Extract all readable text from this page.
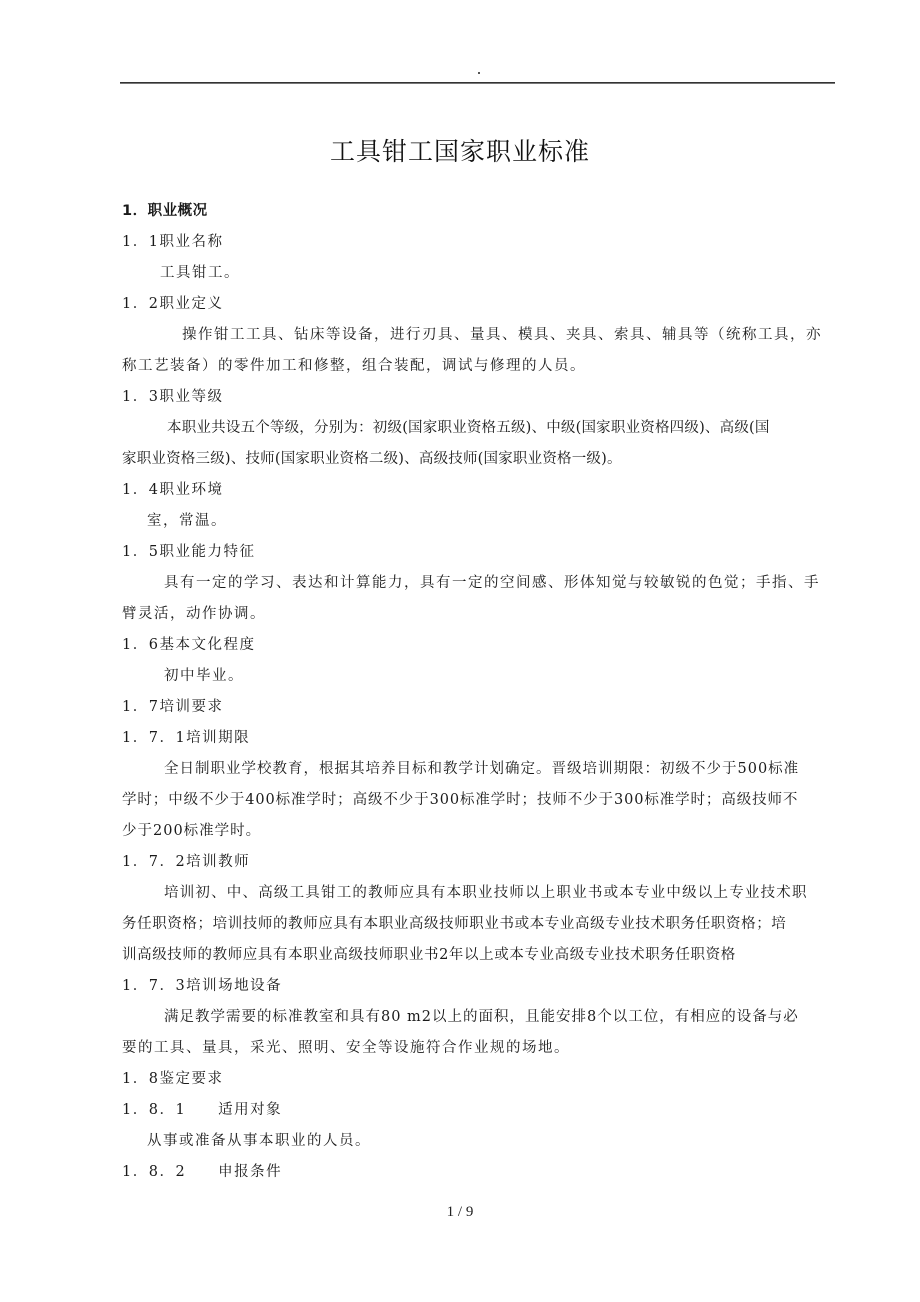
工具钳工国家职业标准
1．职业概况
1．1职业名称
工具钳工。
1．2职业定义
操作钳工工具、钻床等设备，进行刃具、量具、模具、夹具、索具、辅具等（统称工具，亦
称工艺装备）的零件加工和修整，组合装配，调试与修理的人员。
1．3职业等级
本职业共设五个等级，分别为：初级(国家职业资格五级)、中级(国家职业资格四级)、高级(国
家职业资格三级)、技师(国家职业资格二级)、高级技师(国家职业资格一级)。
1．4职业环境
室，常温。
1．5职业能力特征
具有一定的学习、表达和计算能力，具有一定的空间感、形体知觉与较敏锐的色觉；手指、手
臂灵活，动作协调。
1．6基本文化程度
初中毕业。
1．7培训要求
1．7．1培训期限
全日制职业学校教育，根据其培养目标和教学计划确定。晋级培训期限：初级不少于500标准
学时；中级不少于400标准学时；高级不少于300标准学时；技师不少于300标准学时；高级技师不
少于200标准学时。
1．7．2培训教师
培训初、中、高级工具钳工的教师应具有本职业技师以上职业书或本专业中级以上专业技术职
务任职资格；培训技师的教师应具有本职业高级技师职业书或本专业高级专业技术职务任职资格；培
训高级技师的教师应具有本职业高级技师职业书2年以上或本专业高级专业技术职务任职资格
1．7．3培训场地设备
满足教学需要的标准教室和具有80 m2以上的面积，且能安排8个以工位，有相应的设备与必
要的工具、量具，采光、照明、安全等设施符合作业规的场地。
1．8鉴定要求
1．8．1　　适用对象
从事或准备从事本职业的人员。
1．8．2　　申报条件
1 / 9
